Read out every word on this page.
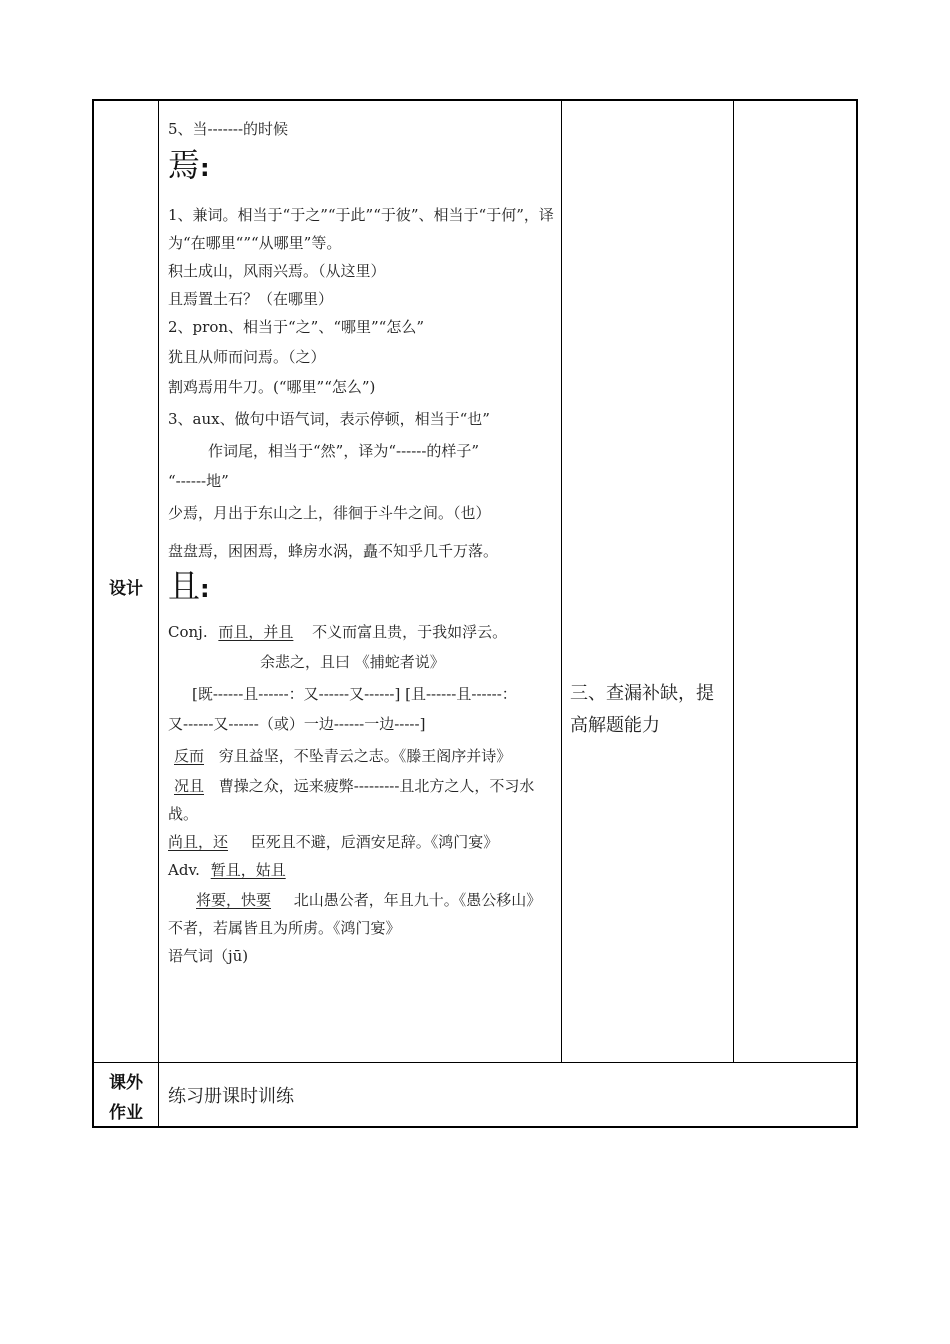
设计
课外
作业
5、当-------的时候
焉:
1、兼词。相当于“于之”“于此”“于彼”、相当于“于何”，译为“在哪里“”“从哪里”等。
积土成山，风雨兴焉。（从这里）
且焉置土石？（在哪里）
2、pron、相当于“之”、“哪里”“怎么”
犹且从师而问焉。（之）
割鸡焉用牛刀。(“哪里”“怎么”)
3、aux、做句中语气词，表示停顿，相当于“也”
作词尾，相当于“然”，译为“------的样子”
“------地”
少焉，月出于东山之上，徘徊于斗牛之间。（也）
盘盘焉，困困焉，蜂房水涡，矗不知乎几千万落。
且:
Conj. 而且，并且 不义而富且贵，于我如浮云。
余悲之，且曰 《捕蛇者说》
[既------且------：又------又------] [且------且------：
又------又------（或）一边------一边-----]
反而 穷且益坚，不坠青云之志。《滕王阁序并诗》
况且 曹操之众，远来疲弊---------且北方之人，不习水战。
尚且，还 臣死且不避，卮酒安足辞。《鸿门宴》
Adv. 暂且，姑且
将要，快要 北山愚公者，年且九十。《愚公移山》
不者，若属皆且为所虏。《鸿门宴》
语气词（jū)
三、查漏补缺，提
高解题能力
练习册课时训练
